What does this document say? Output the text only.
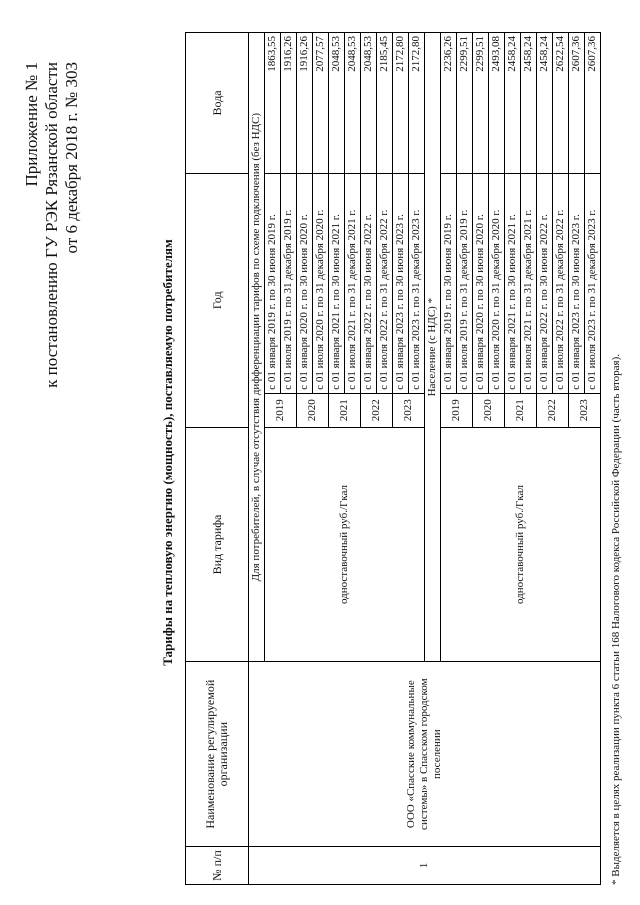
Приложение № 1 к постановлению ГУ РЭК Рязанской области от 6 декабря 2018 г. № 303
Тарифы на тепловую энергию (мощность), поставляемую потребителям
№ п/п	Наименование регулируемой организации	Вид тарифа	Год		Вода
1	ООО «Спасские коммунальные системы» в Спасском городском поселении	Для потребителей, в случае отсутствия дифференциации тарифов по схеме подключения (без НДС)			
		одноставочный руб./Гкал	2019	с 01 января 2019 г. по 30 июня 2019 г.	1863,55
				с 01 июля 2019 г. по 31 декабря 2019 г.	1916,26
			2020	с 01 января 2020 г. по 30 июня 2020 г.	1916,26
				с 01 июля 2020 г. по 31 декабря 2020 г.	2077,57
			2021	с 01 января 2021 г. по 30 июня 2021 г.	2048,53
				с 01 июля 2021 г. по 31 декабря 2021 г.	2048,53
			2022	с 01 января 2022 г. по 30 июня 2022 г.	2048,53
				с 01 июля 2022 г. по 31 декабря 2022 г.	2185,45
			2023	с 01 января 2023 г. по 30 июня 2023 г.	2172,80
				с 01 июля 2023 г. по 31 декабря 2023 г.	2172,80
		Население (с НДС) *			
		одноставочный руб./Гкал	2019	с 01 января 2019 г. по 30 июня 2019 г.	2236,26
				с 01 июля 2019 г. по 31 декабря 2019 г.	2299,51
			2020	с 01 января 2020 г. по 30 июня 2020 г.	2299,51
				с 01 июля 2020 г. по 31 декабря 2020 г.	2493,08
			2021	с 01 января 2021 г. по 30 июня 2021 г.	2458,24
				с 01 июля 2021 г. по 31 декабря 2021 г.	2458,24
			2022	с 01 января 2022 г. по 30 июня 2022 г.	2458,24
				с 01 июля 2022 г. по 31 декабря 2022 г.	2622,54
			2023	с 01 января 2023 г. по 30 июня 2023 г.	2607,36
				с 01 июля 2023 г. по 31 декабря 2023 г.	2607,36
* Выделяется в целях реализации пункта 6 статьи 168 Налогового кодекса Российской Федерации (часть вторая).
